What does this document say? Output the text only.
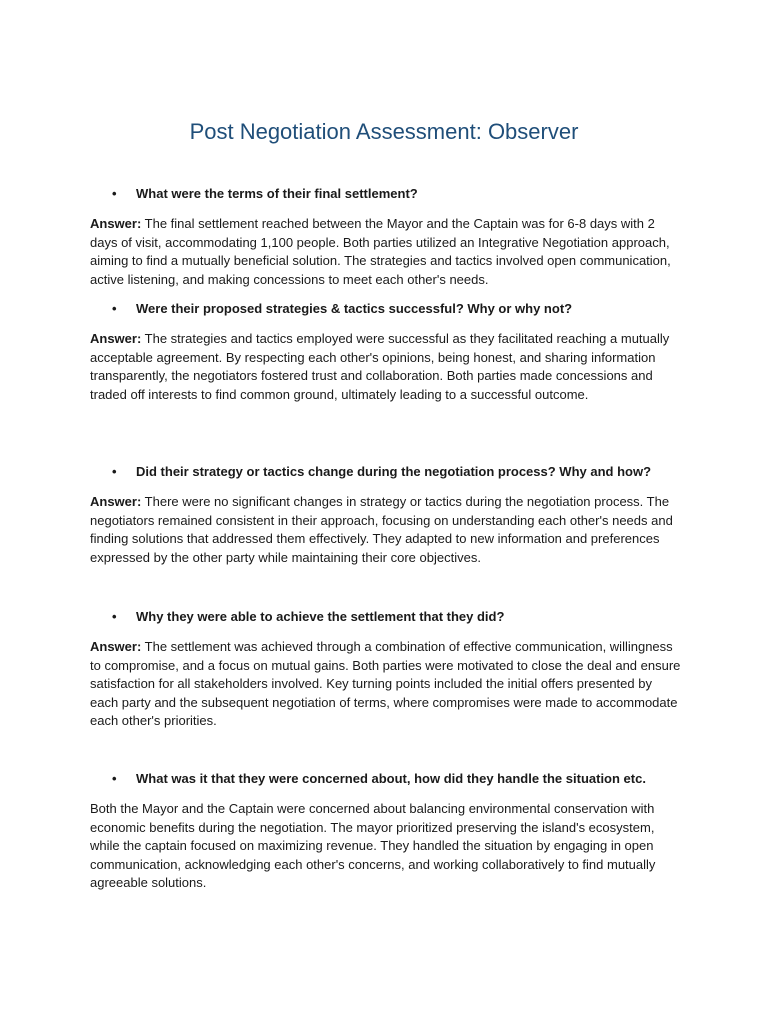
Post Negotiation Assessment: Observer

• What were the terms of their final settlement?

Answer: The final settlement reached between the Mayor and the Captain was for 6-8 days with 2 days of visit, accommodating 1,100 people. Both parties utilized an Integrative Negotiation approach, aiming to find a mutually beneficial solution. The strategies and tactics involved open communication, active listening, and making concessions to meet each other's needs.

• Were their proposed strategies & tactics successful? Why or why not?

Answer: The strategies and tactics employed were successful as they facilitated reaching a mutually acceptable agreement. By respecting each other's opinions, being honest, and sharing information transparently, the negotiators fostered trust and collaboration. Both parties made concessions and traded off interests to find common ground, ultimately leading to a successful outcome.

• Did their strategy or tactics change during the negotiation process? Why and how?

Answer: There were no significant changes in strategy or tactics during the negotiation process. The negotiators remained consistent in their approach, focusing on understanding each other's needs and finding solutions that addressed them effectively. They adapted to new information and preferences expressed by the other party while maintaining their core objectives.

• Why they were able to achieve the settlement that they did?

Answer: The settlement was achieved through a combination of effective communication, willingness to compromise, and a focus on mutual gains. Both parties were motivated to close the deal and ensure satisfaction for all stakeholders involved. Key turning points included the initial offers presented by each party and the subsequent negotiation of terms, where compromises were made to accommodate each other's priorities.

• What was it that they were concerned about, how did they handle the situation etc.

Both the Mayor and the Captain were concerned about balancing environmental conservation with economic benefits during the negotiation. The mayor prioritized preserving the island's ecosystem, while the captain focused on maximizing revenue. They handled the situation by engaging in open communication, acknowledging each other's concerns, and working collaboratively to find mutually agreeable solutions.
